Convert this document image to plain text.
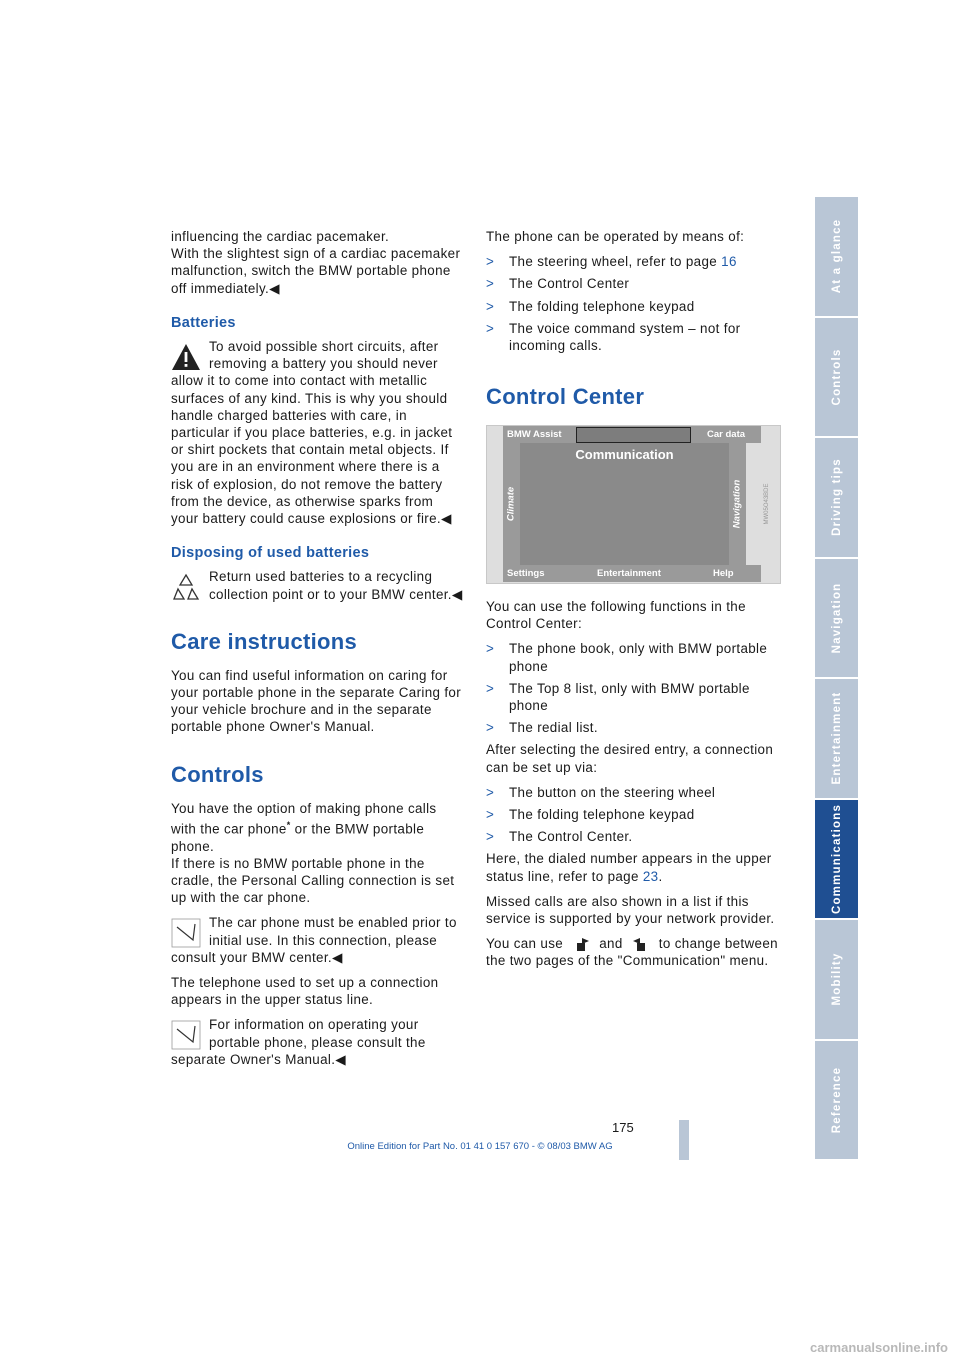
influencing the cardiac pacemaker.

With the slightest sign of a cardiac pacemaker malfunction, switch the BMW portable phone off immediately.◀

Batteries
To avoid possible short circuits, after removing a battery you should never allow it to come into contact with metallic surfaces of any kind. This is why you should handle charged batteries with care, in particular if you place batteries, e.g. in jacket or shirt pockets that contain metal objects. If you are in an environment where there is a risk of explosion, do not remove the battery from the device, as otherwise sparks from your battery could cause explosions or fire.◀
Disposing of used batteries
Return used batteries to a recycling collection point or to your BMW center.◀
Care instructions

You can find useful information on caring for your portable phone in the separate Caring for your vehicle brochure and in the separate portable phone Owner's Manual.

Controls

You have the option of making phone calls with the car phone* or the BMW portable phone.

If there is no BMW portable phone in the cradle, the Personal Calling connection is set up with the car phone.

The car phone must be enabled prior to initial use. In this connection, please consult your BMW center.◀

The telephone used to set up a connection appears in the upper status line.

For information on operating your portable phone, please consult the separate Owner's Manual.◀

The phone can be operated by means of:

> The steering wheel, refer to page 16
> The Control Center
> The folding telephone keypad
> The voice command system – not for incoming calls.
Control Center
BMW Assist	Car data
Communication
Climate	Navigation
Settings	Entertainment	Help
MW05O43BDE

You can use the following functions in the Control Center:

> The phone book, only with BMW portable phone
> The Top 8 list, only with BMW portable phone
> The redial list.

After selecting the desired entry, a connection can be set up via:

> The button on the steering wheel
> The folding telephone keypad
> The Control Center.

Here, the dialed number appears in the upper status line, refer to page 23.

Missed calls are also shown in a list if this service is supported by your network provider.

You can use	and	to change between the two pages of the "Communication" menu.

At a glance
Controls
Driving tips
Navigation
Entertainment
Communications
Mobility
Reference
175
Online Edition for Part No. 01 41 0 157 670 - © 08/03 BMW AG
carmanualsonline.info
